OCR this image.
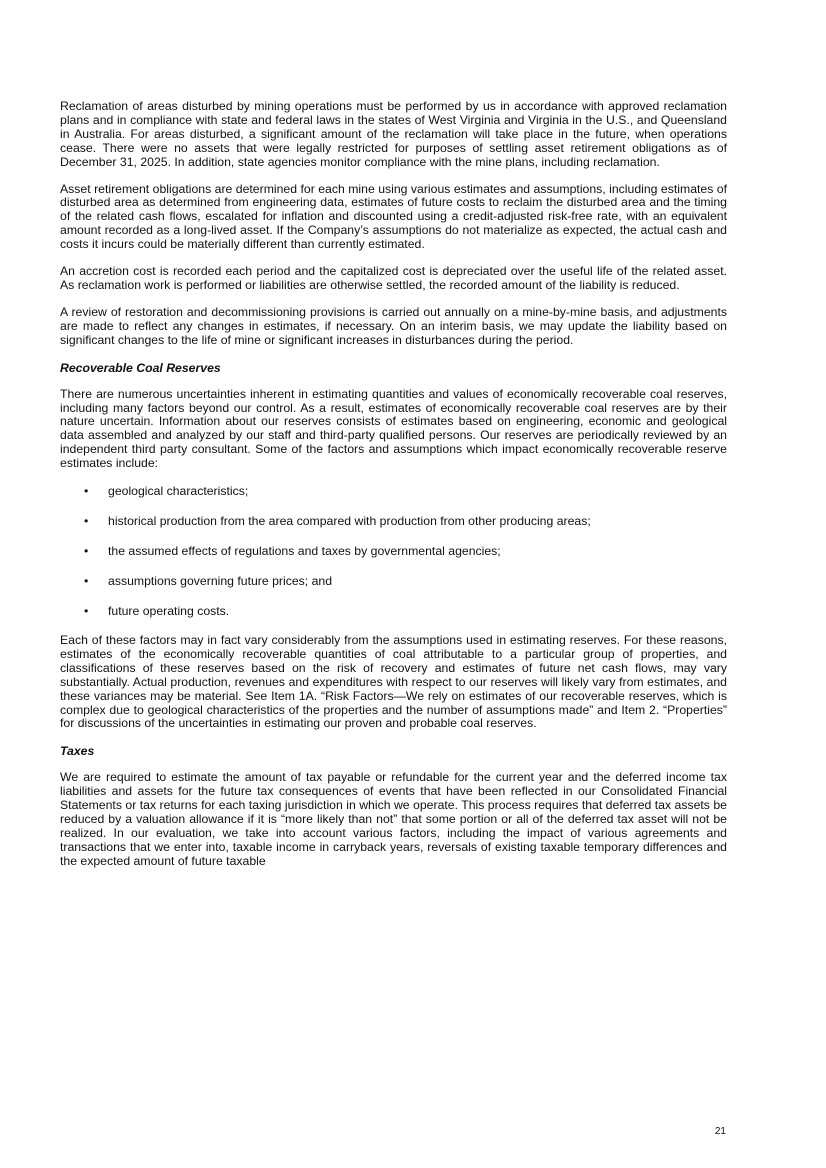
Reclamation of areas disturbed by mining operations must be performed by us in accordance with approved reclamation plans and in compliance with state and federal laws in the states of West Virginia and Virginia in the U.S., and Queensland in Australia. For areas disturbed, a significant amount of the reclamation will take place in the future, when operations cease. There were no assets that were legally restricted for purposes of settling asset retirement obligations as of December 31, 2025. In addition, state agencies monitor compliance with the mine plans, including reclamation.

Asset retirement obligations are determined for each mine using various estimates and assumptions, including estimates of disturbed area as determined from engineering data, estimates of future costs to reclaim the disturbed area and the timing of the related cash flows, escalated for inflation and discounted using a credit-adjusted risk-free rate, with an equivalent amount recorded as a long-lived asset. If the Company’s assumptions do not materialize as expected, the actual cash and costs it incurs could be materially different than currently estimated.

An accretion cost is recorded each period and the capitalized cost is depreciated over the useful life of the related asset. As reclamation work is performed or liabilities are otherwise settled, the recorded amount of the liability is reduced.

A review of restoration and decommissioning provisions is carried out annually on a mine-by-mine basis, and adjustments are made to reflect any changes in estimates, if necessary. On an interim basis, we may update the liability based on significant changes to the life of mine or significant increases in disturbances during the period.

Recoverable Coal Reserves

There are numerous uncertainties inherent in estimating quantities and values of economically recoverable coal reserves, including many factors beyond our control. As a result, estimates of economically recoverable coal reserves are by their nature uncertain. Information about our reserves consists of estimates based on engineering, economic and geological data assembled and analyzed by our staff and third-party qualified persons. Our reserves are periodically reviewed by an independent third party consultant. Some of the factors and assumptions which impact economically recoverable reserve estimates include:

• geological characteristics;
• historical production from the area compared with production from other producing areas;
• the assumed effects of regulations and taxes by governmental agencies;
• assumptions governing future prices; and
• future operating costs.

Each of these factors may in fact vary considerably from the assumptions used in estimating reserves. For these reasons, estimates of the economically recoverable quantities of coal attributable to a particular group of properties, and classifications of these reserves based on the risk of recovery and estimates of future net cash flows, may vary substantially. Actual production, revenues and expenditures with respect to our reserves will likely vary from estimates, and these variances may be material. See Item 1A. “Risk Factors—We rely on estimates of our recoverable reserves, which is complex due to geological characteristics of the properties and the number of assumptions made” and Item 2. “Properties” for discussions of the uncertainties in estimating our proven and probable coal reserves.

Taxes

We are required to estimate the amount of tax payable or refundable for the current year and the deferred income tax liabilities and assets for the future tax consequences of events that have been reflected in our Consolidated Financial Statements or tax returns for each taxing jurisdiction in which we operate. This process requires that deferred tax assets be reduced by a valuation allowance if it is “more likely than not” that some portion or all of the deferred tax asset will not be realized. In our evaluation, we take into account various factors, including the impact of various agreements and transactions that we enter into, taxable income in carryback years, reversals of existing taxable temporary differences and the expected amount of future taxable

21
